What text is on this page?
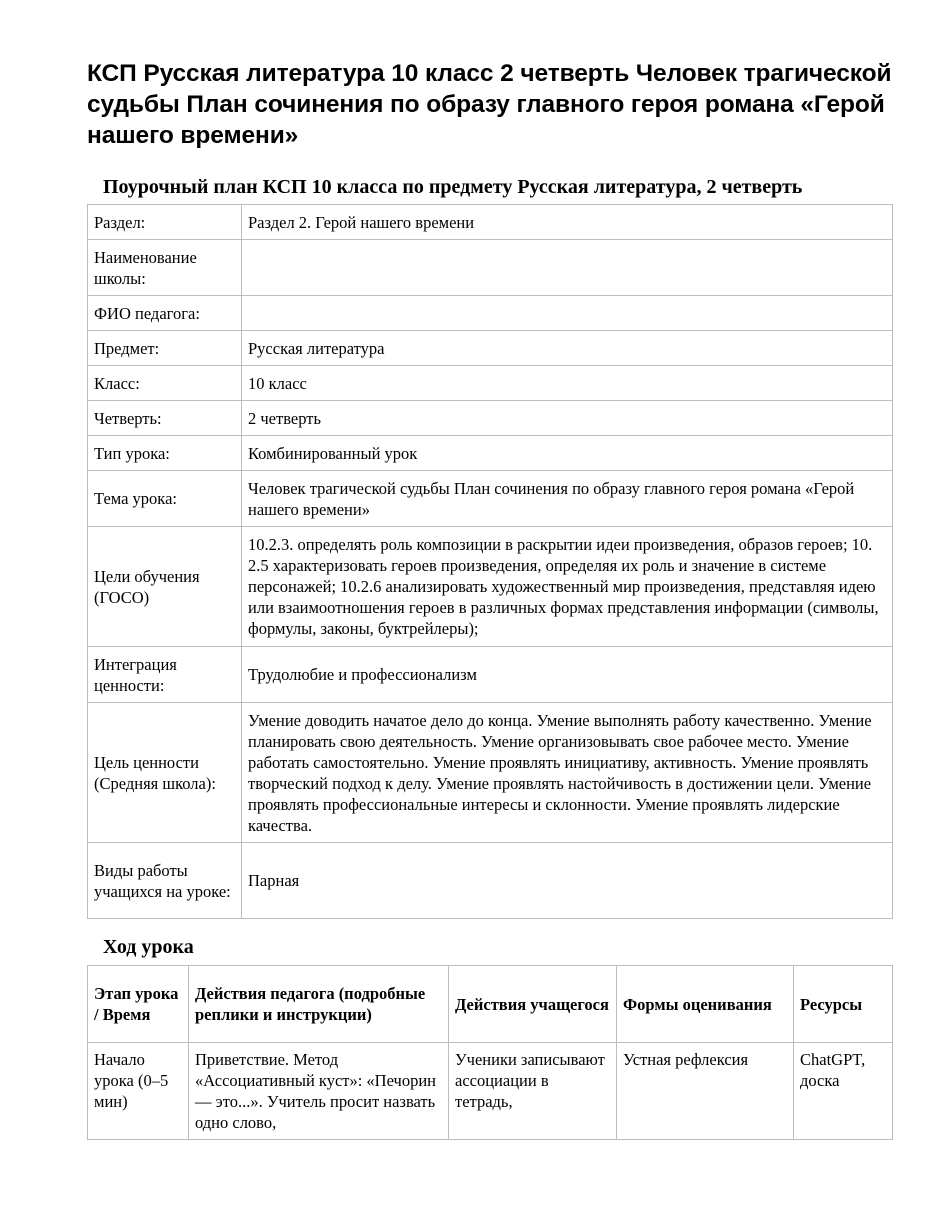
КСП Русская литература 10 класс 2 четверть Человек трагической судьбы План сочинения по образу главного героя романа «Герой нашего времени»
Поурочный план КСП 10 класса по предмету Русская литература, 2 четверть
Раздел:	Раздел 2. Герой нашего времени
Наименование школы:	
ФИО педагога:	
Предмет:	Русская литература
Класс:	10 класс
Четверть:	2 четверть
Тип урока:	Комбинированный урок
Тема урока:	Человек трагической судьбы План сочинения по образу главного героя романа «Герой нашего времени»
Цели обучения (ГОСО)	10.2.3. определять роль композиции в раскрытии идеи произведения, образов героев; 10. 2.5 характеризовать героев произведения, определяя их роль и значение в системе персонажей; 10.2.6 анализировать художественный мир произведения, представляя идею или взаимоотношения героев в различных формах представления информации (символы, формулы, законы, буктрейлеры);
Интеграция ценности:	Трудолюбие и профессионализм
Цель ценности (Средняя школа):	Умение доводить начатое дело до конца. Умение выполнять работу качественно. Умение планировать свою деятельность. Умение организовывать свое рабочее место. Умение работать самостоятельно. Умение проявлять инициативу, активность. Умение проявлять творческий подход к делу. Умение проявлять настойчивость в достижении цели. Умение проявлять профессиональные интересы и склонности. Умение проявлять лидерские качества.
Виды работы учащихся на уроке:	Парная
Ход урока
Этап урока / Время	Действия педагога (подробные реплики и инструкции)	Действия учащегося	Формы оценивания	Ресурсы
Начало урока (0–5 мин)	Приветствие. Метод «Ассоциативный куст»: «Печорин — это...». Учитель просит назвать одно слово,	Ученики записывают ассоциации в тетрадь,	Устная рефлексия	ChatGPT, доска
